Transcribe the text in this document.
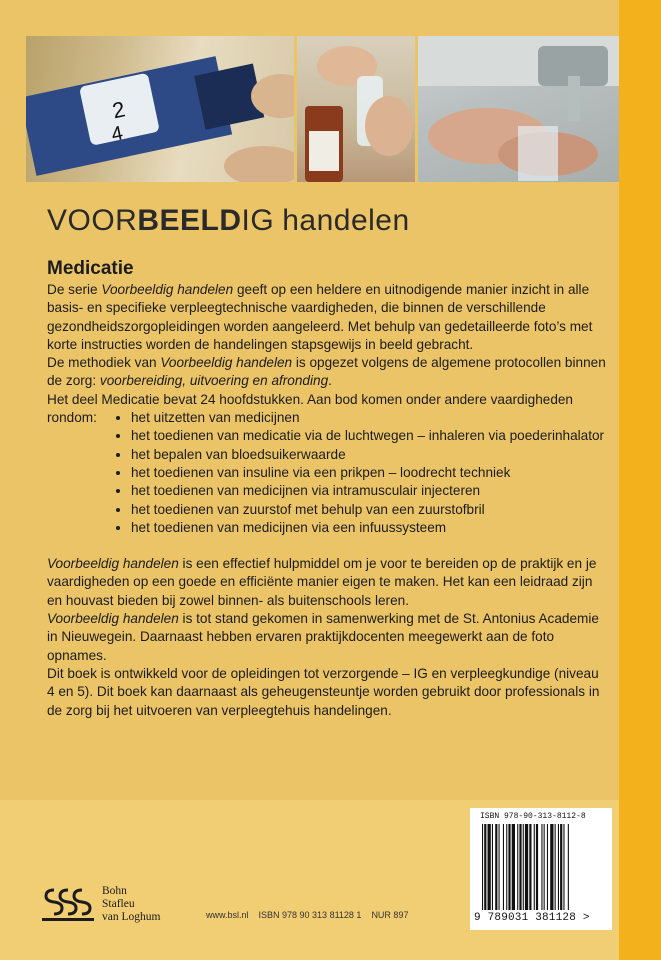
2
4
VOORBEELDIG handelen
Medicatie

De serie Voorbeeldig handelen geeft op een heldere en uitnodigende manier inzicht in alle basis- en specifieke verpleegtechnische vaardigheden, die binnen de verschillende gezondheidszorgopleidingen worden aangeleerd. Met behulp van gedetailleerde foto’s met korte instructies worden de handelingen stapsgewijs in beeld gebracht.

De methodiek van Voorbeeldig handelen is opgezet volgens de algemene protocollen binnen de zorg: voorbereiding, uitvoering en afronding.

Het deel Medicatie bevat 24 hoofdstukken. Aan bod komen onder andere vaardigheden

rondom:
•	het uitzetten van medicijnen
• het toedienen van medicatie via de luchtwegen – inhaleren via poederinhalator
• het bepalen van bloedsuikerwaarde
• het toedienen van insuline via een prikpen – loodrecht techniek
• het toedienen van medicijnen via intramusculair injecteren
• het toedienen van zuurstof met behulp van een zuurstofbril
• het toedienen van medicijnen via een infuussysteem

Voorbeeldig handelen is een effectief hulpmiddel om je voor te bereiden op de praktijk en je vaardigheden op een goede en efficiënte manier eigen te maken. Het kan een leidraad zijn en houvast bieden bij zowel binnen- als buitenschools leren.

Voorbeeldig handelen is tot stand gekomen in samenwerking met de St. Antonius Academie in Nieuwegein. Daarnaast hebben ervaren praktijkdocenten meegewerkt aan de foto opnames.

Dit boek is ontwikkeld voor de opleidingen tot verzorgende – IG en verpleegkundige (niveau 4 en 5). Dit boek kan daarnaast als geheugensteuntje worden gebruikt door professionals in de zorg bij het uitvoeren van verpleegtehuis handelingen.

Bohn
Stafleu
van Loghum	www.bsl.nl ISBN 978 90 313 81128 1 NUR 897
ISBN 978-90-313-8112-8
9 789031 381128 >
